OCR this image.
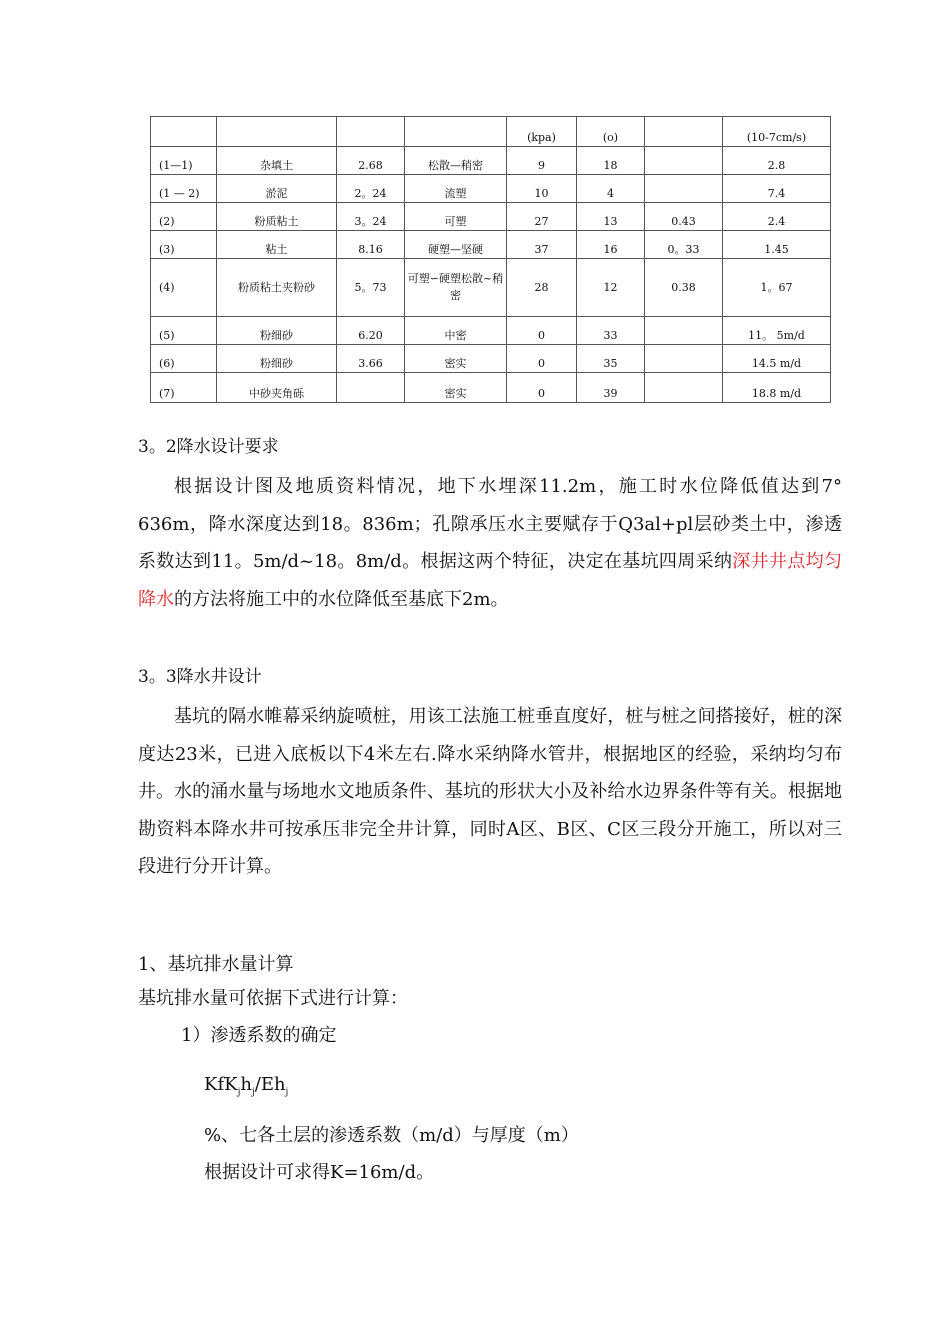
				(kpa)	(o)		(10-7cm/s)
(1—1)	杂填土	2.68	松散—稍密	9	18		2.8
(1 — 2)	淤泥	2。24	流塑	10	4		7.4
(2)	粉质粘土	3。24	可塑	27	13	0.43	2.4
(3)	粘土	8.16	硬塑—坚硬	37	16	0。33	1.45
(4)	粉质粘土夹粉砂	5。73	可塑∽硬塑松散~稍密	28	12	0.38	1。67
(5)	粉细砂	6.20	中密	0	33		11。 5m/d
(6)	粉细砂	3.66	密实	0	35		14.5 m/d
(7)	中砂夹角砾		密实	0	39		18.8 m/d
3。2降水设计要求

根据设计图及地质资料情况，地下水埋深11.2m，施工时水位降低值达到7° 636m，降水深度达到18。836m；孔隙承压水主要赋存于Q3al+pl层砂类土中，渗透系数达到11。5m/d~18。8m/d。根据这两个特征，决定在基坑四周采纳深井井点均匀降水的方法将施工中的水位降低至基底下2m。

3。3降水井设计

基坑的隔水帷幕采纳旋喷桩，用该工法施工桩垂直度好，桩与桩之间搭接好，桩的深度达23米，已进入底板以下4米左右.降水采纳降水管井，根据地区的经验，采纳均匀布井。水的涌水量与场地水文地质条件、基坑的形状大小及补给水边界条件等有关。根据地勘资料本降水井可按承压非完全井计算，同时A区、B区、C区三段分开施工，所以对三段进行分开计算。

1、基坑排水量计算
基坑排水量可依据下式进行计算：
1）渗透系数的确定
$KfK_jh_j/Eh_j$
%、七各土层的渗透系数（m/d）与厚度（m）
根据设计可求得K=16m/d。
